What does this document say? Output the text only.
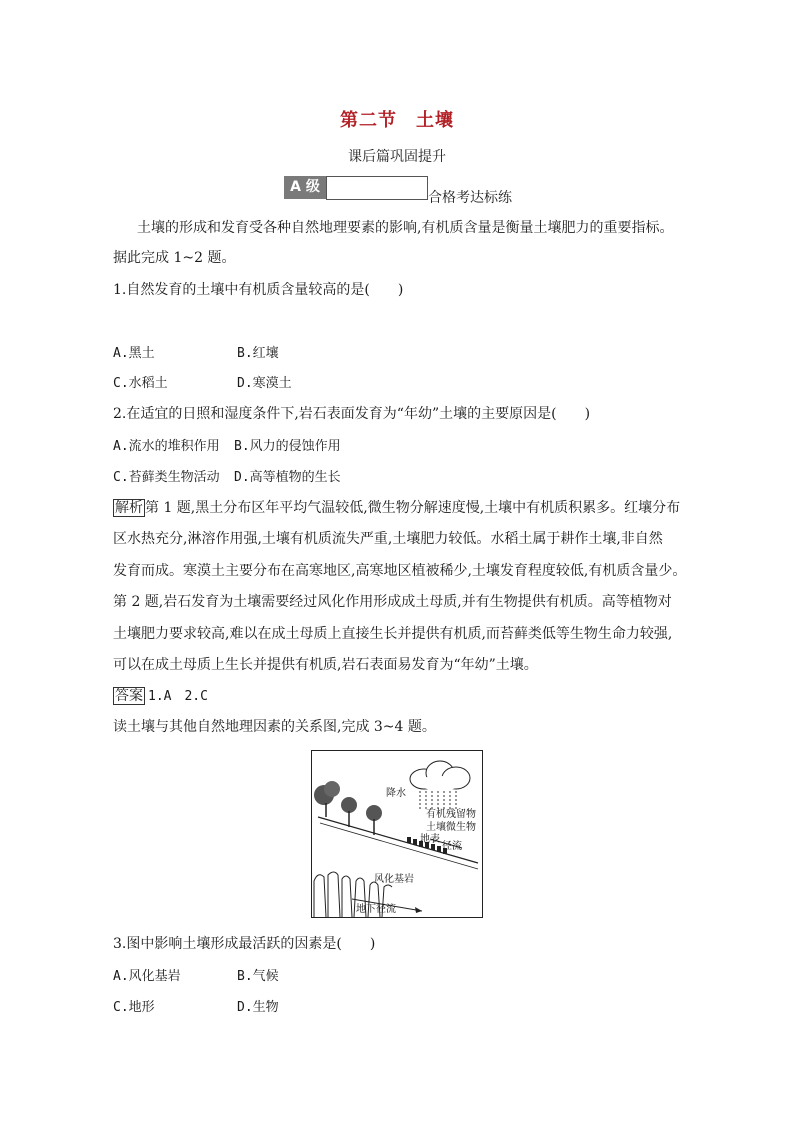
第二节　土壤
课后篇巩固提升
A 级
合格考达标练
土壤的形成和发育受各种自然地理要素的影响,有机质含量是衡量土壤肥力的重要指标。
据此完成 1~2 题。
1.自然发育的土壤中有机质含量较高的是(　　)
A.黑土	B.红壤
C.水稻土	D.寒漠土
2.在适宜的日照和湿度条件下,岩石表面发育为“年幼”土壤的主要原因是(　　)
A.流水的堆积作用 B.风力的侵蚀作用
C.苔藓类生物活动 D.高等植物的生长
解析 第 1 题,黑土分布区年平均气温较低,微生物分解速度慢,土壤中有机质积累多。红壤分布
区水热充分,淋溶作用强,土壤有机质流失严重,土壤肥力较低。水稻土属于耕作土壤,非自然
发育而成。寒漠土主要分布在高寒地区,高寒地区植被稀少,土壤发育程度较低,有机质含量少。
第 2 题,岩石发育为土壤需要经过风化作用形成成土母质,并有生物提供有机质。高等植物对
土壤肥力要求较高,难以在成土母质上直接生长并提供有机质,而苔藓类低等生物生命力较强,
可以在成土母质上生长并提供有机质,岩石表面易发育为“年幼”土壤。
答案 1.A　2.C
读土壤与其他自然地理因素的关系图,完成 3~4 题。
降水
有机残留物
土壤微生物
地表
径流
风化基岩
地下径流
3.图中影响土壤形成最活跃的因素是(　　)
A.风化基岩	B.气候
C.地形	D.生物
